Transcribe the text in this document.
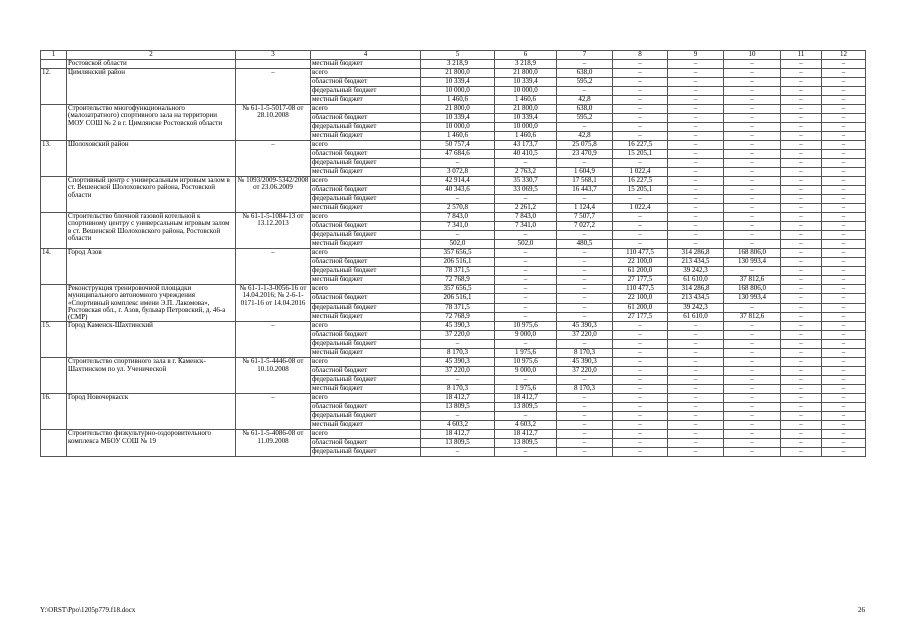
1	2	3	4	5	6	7	8	9	10	11	12
	Ростовской области		местный бюджет	3 218,9	3 218,9	–	–	–	–	–	–
12.	Цимлянский район	–	всего	21 800,0	21 800,0	638,0	–	–	–	–	–
			областной бюджет	10 339,4	10 339,4	595,2	–	–	–	–	–
			федеральный бюджет	10 000,0	10 000,0	–	–	–	–	–	–
			местный бюджет	1 460,6	1 460,6	42,8	–	–	–	–	–
	Строительство многофункционального (малозатратного) спортивного зала на территории МОУ СОШ № 2 в г. Цимлянске Ростовской области	№ 61-1-5-5017-08 от 28.10.2008	всего	21 800,0	21 800,0	638,0	–	–	–	–	–
			областной бюджет	10 339,4	10 339,4	595,2	–	–	–	–	–
			федеральный бюджет	10 000,0	10 000,0	–	–	–	–	–	–
			местный бюджет	1 460,6	1 460,6	42,8	–	–	–	–	–
13.	Шолоховский район	–	всего	50 757,4	43 173,7	25 075,8	16 227,5	–	–	–	–
			областной бюджет	47 684,6	40 410,5	23 470,9	15 205,1	–	–	–	–
			федеральный бюджет	–	–	–	–	–	–	–	–
			местный бюджет	3 072,8	2 763,2	1 604,9	1 022,4	–	–	–	–
	Спортивный центр с универсальным игровым залом в ст. Вешенской Шолоховского района, Ростовской области	№ 1093/2009-5342/2008 от 23.06.2009	всего	42 914,4	35 330,7	17 568,1	16 227,5	–	–	–	–
			областной бюджет	40 343,6	33 069,5	16 443,7	15 205,1	–	–	–	–
			федеральный бюджет	–	–	–	–	–	–	–	–
			местный бюджет	2 570,8	2 261,2	1 124,4	1 022,4	–	–	–	–
	Строительство блочной газовой котельной к спортивному центру с универсальным игровым залом в ст. Вешенской Шолоховского района, Ростовской области	№ 61-1-5-1084-13 от 13.12.2013	всего	7 843,0	7 843,0	7 507,7	–	–	–	–	–
			областной бюджет	7 341,0	7 341,0	7 027,2	–	–	–	–	–
			федеральный бюджет	–	–	–	–	–	–	–	–
			местный бюджет	502,0	502,0	480,5	–	–	–	–	–
14.	Город Азов	–	всего	357 656,5	–	–	110 477,5	314 286,8	168 806,0	–	–
			областной бюджет	206 516,1	–	–	22 100,0	213 434,5	130 993,4	–	–
			федеральный бюджет	78 371,5	–	–	61 200,0	39 242,3	–	–	–
			местный бюджет	72 768,9	–	–	27 177,5	61 610,0	37 812,6	–	–
	Реконструкция тренировочной площадки муниципального автономного учреждения «Спортивный комплекс имени Э.П. Лакомова», Ростовская обл., г. Азов, бульвар Петровский, д. 46-а (СМР)	№ 61-1-1-3-0056-16 от 14.04.2016; № 2-6-1-0171-16 от 14.04.2016	всего	357 656,5	–	–	110 477,5	314 286,8	168 806,0	–	–
			областной бюджет	206 516,1	–	–	22 100,0	213 434,5	130 993,4	–	–
			федеральный бюджет	78 371,5	–	–	61 200,0	39 242,3	–	–	–
			местный бюджет	72 768,9	–	–	27 177,5	61 610,0	37 812,6	–	–
15.	Город Каменск-Шахтинский	–	всего	45 390,3	10 975,6	45 390,3	–	–	–	–	–
			областной бюджет	37 220,0	9 000,0	37 220,0	–	–	–	–	–
			федеральный бюджет	–	–	–	–	–	–	–	–
			местный бюджет	8 170,3	1 975,6	8 170,3	–	–	–	–	–
	Строительство спортивного зала в г. Каменск-Шахтинском по ул. Ученической	№ 61-1-5-4446-08 от 10.10.2008	всего	45 390,3	10 975,6	45 390,3	–	–	–	–	–
			областной бюджет	37 220,0	9 000,0	37 220,0	–	–	–	–	–
			федеральный бюджет	–	–	–	–	–	–	–	–
			местный бюджет	8 170,3	1 975,6	8 170,3	–	–	–	–	–
16.	Город Новочеркасск	–	всего	18 412,7	18 412,7	–	–	–	–	–	–
			областной бюджет	13 809,5	13 809,5	–	–	–	–	–	–
			федеральный бюджет	–	–	–	–	–	–	–	–
			местный бюджет	4 603,2	4 603,2	–	–	–	–	–	–
	Строительство физкультурно-оздоровительного комплекса МБОУ СОШ № 19	№ 61-1-5-4086-08 от 11.09.2008	всего	18 412,7	18 412,7	–	–	–	–	–	–
			областной бюджет	13 809,5	13 809,5	–	–	–	–	–	–
			федеральный бюджет	–	–	–	–	–	–	–	–
Y:\ORST\Ppo\1205p779.f18.docx	26
